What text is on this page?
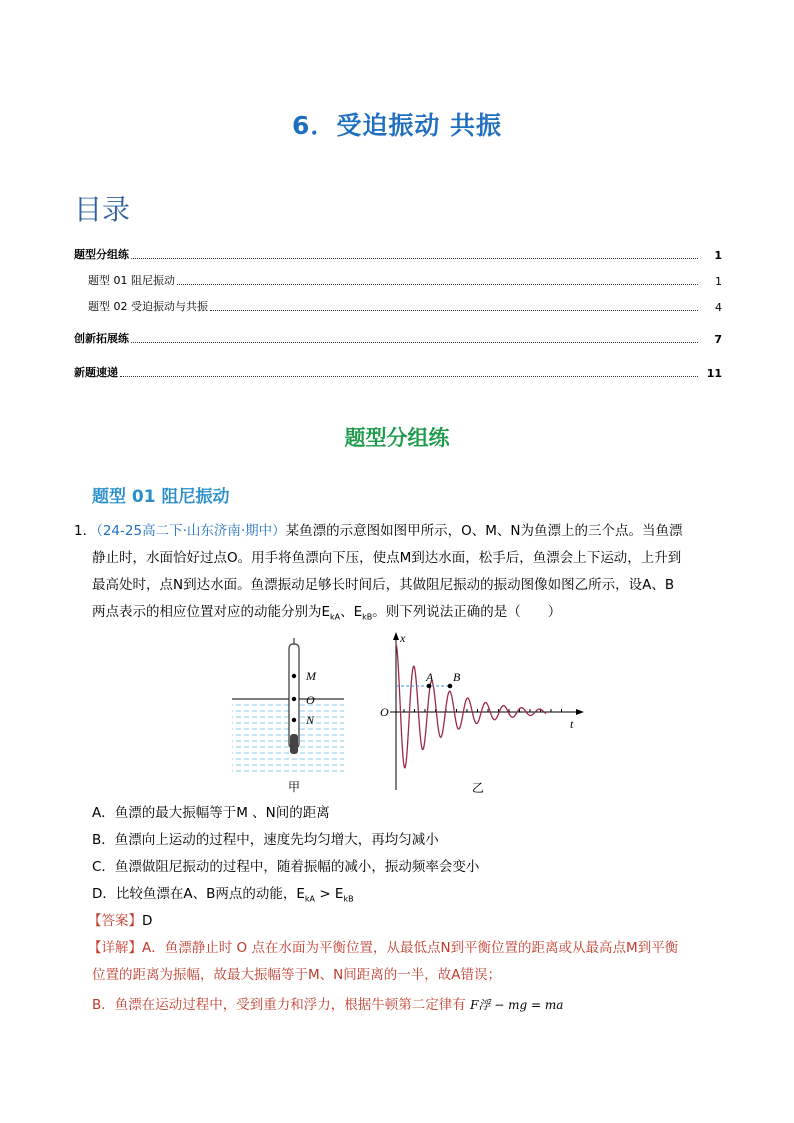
6．受迫振动 共振
目录
题型分组练	1
题型 01 阻尼振动	1
题型 02 受迫振动与共振	4
创新拓展练	7
新题速递	11
题型分组练
题型 01 阻尼振动
1．（24-25高二下·山东济南·期中）某鱼漂的示意图如图甲所示，O、M、N为鱼漂上的三个点。当鱼漂
静止时，水面恰好过点O。用手将鱼漂向下压，使点M到达水面，松手后，鱼漂会上下运动，上升到
最高处时，点N到达水面。鱼漂振动足够长时间后，其做阻尼振动的振动图像如图乙所示，设A、B
两点表示的相应位置对应的动能分别为$E_{kA}$、$E_{kB}$。则下列说法正确的是（　　）
M
O
N
甲
A B
x
O
t
乙
A．鱼漂的最大振幅等于M 、N间的距离
B．鱼漂向上运动的过程中，速度先均匀增大，再均匀减小
C．鱼漂做阻尼振动的过程中，随着振幅的减小，振动频率会变小
D．比较鱼漂在A、B两点的动能，$E_{kA} > E_{kB}$
【答案】D
【详解】A．鱼漂静止时 O 点在水面为平衡位置，从最低点N到平衡位置的距离或从最高点M到平衡
位置的距离为振幅，故最大振幅等于M、N间距离的一半，故A错误；
B．鱼漂在运动过程中，受到重力和浮力，根据牛顿第二定律有 F浮 − mg = ma
